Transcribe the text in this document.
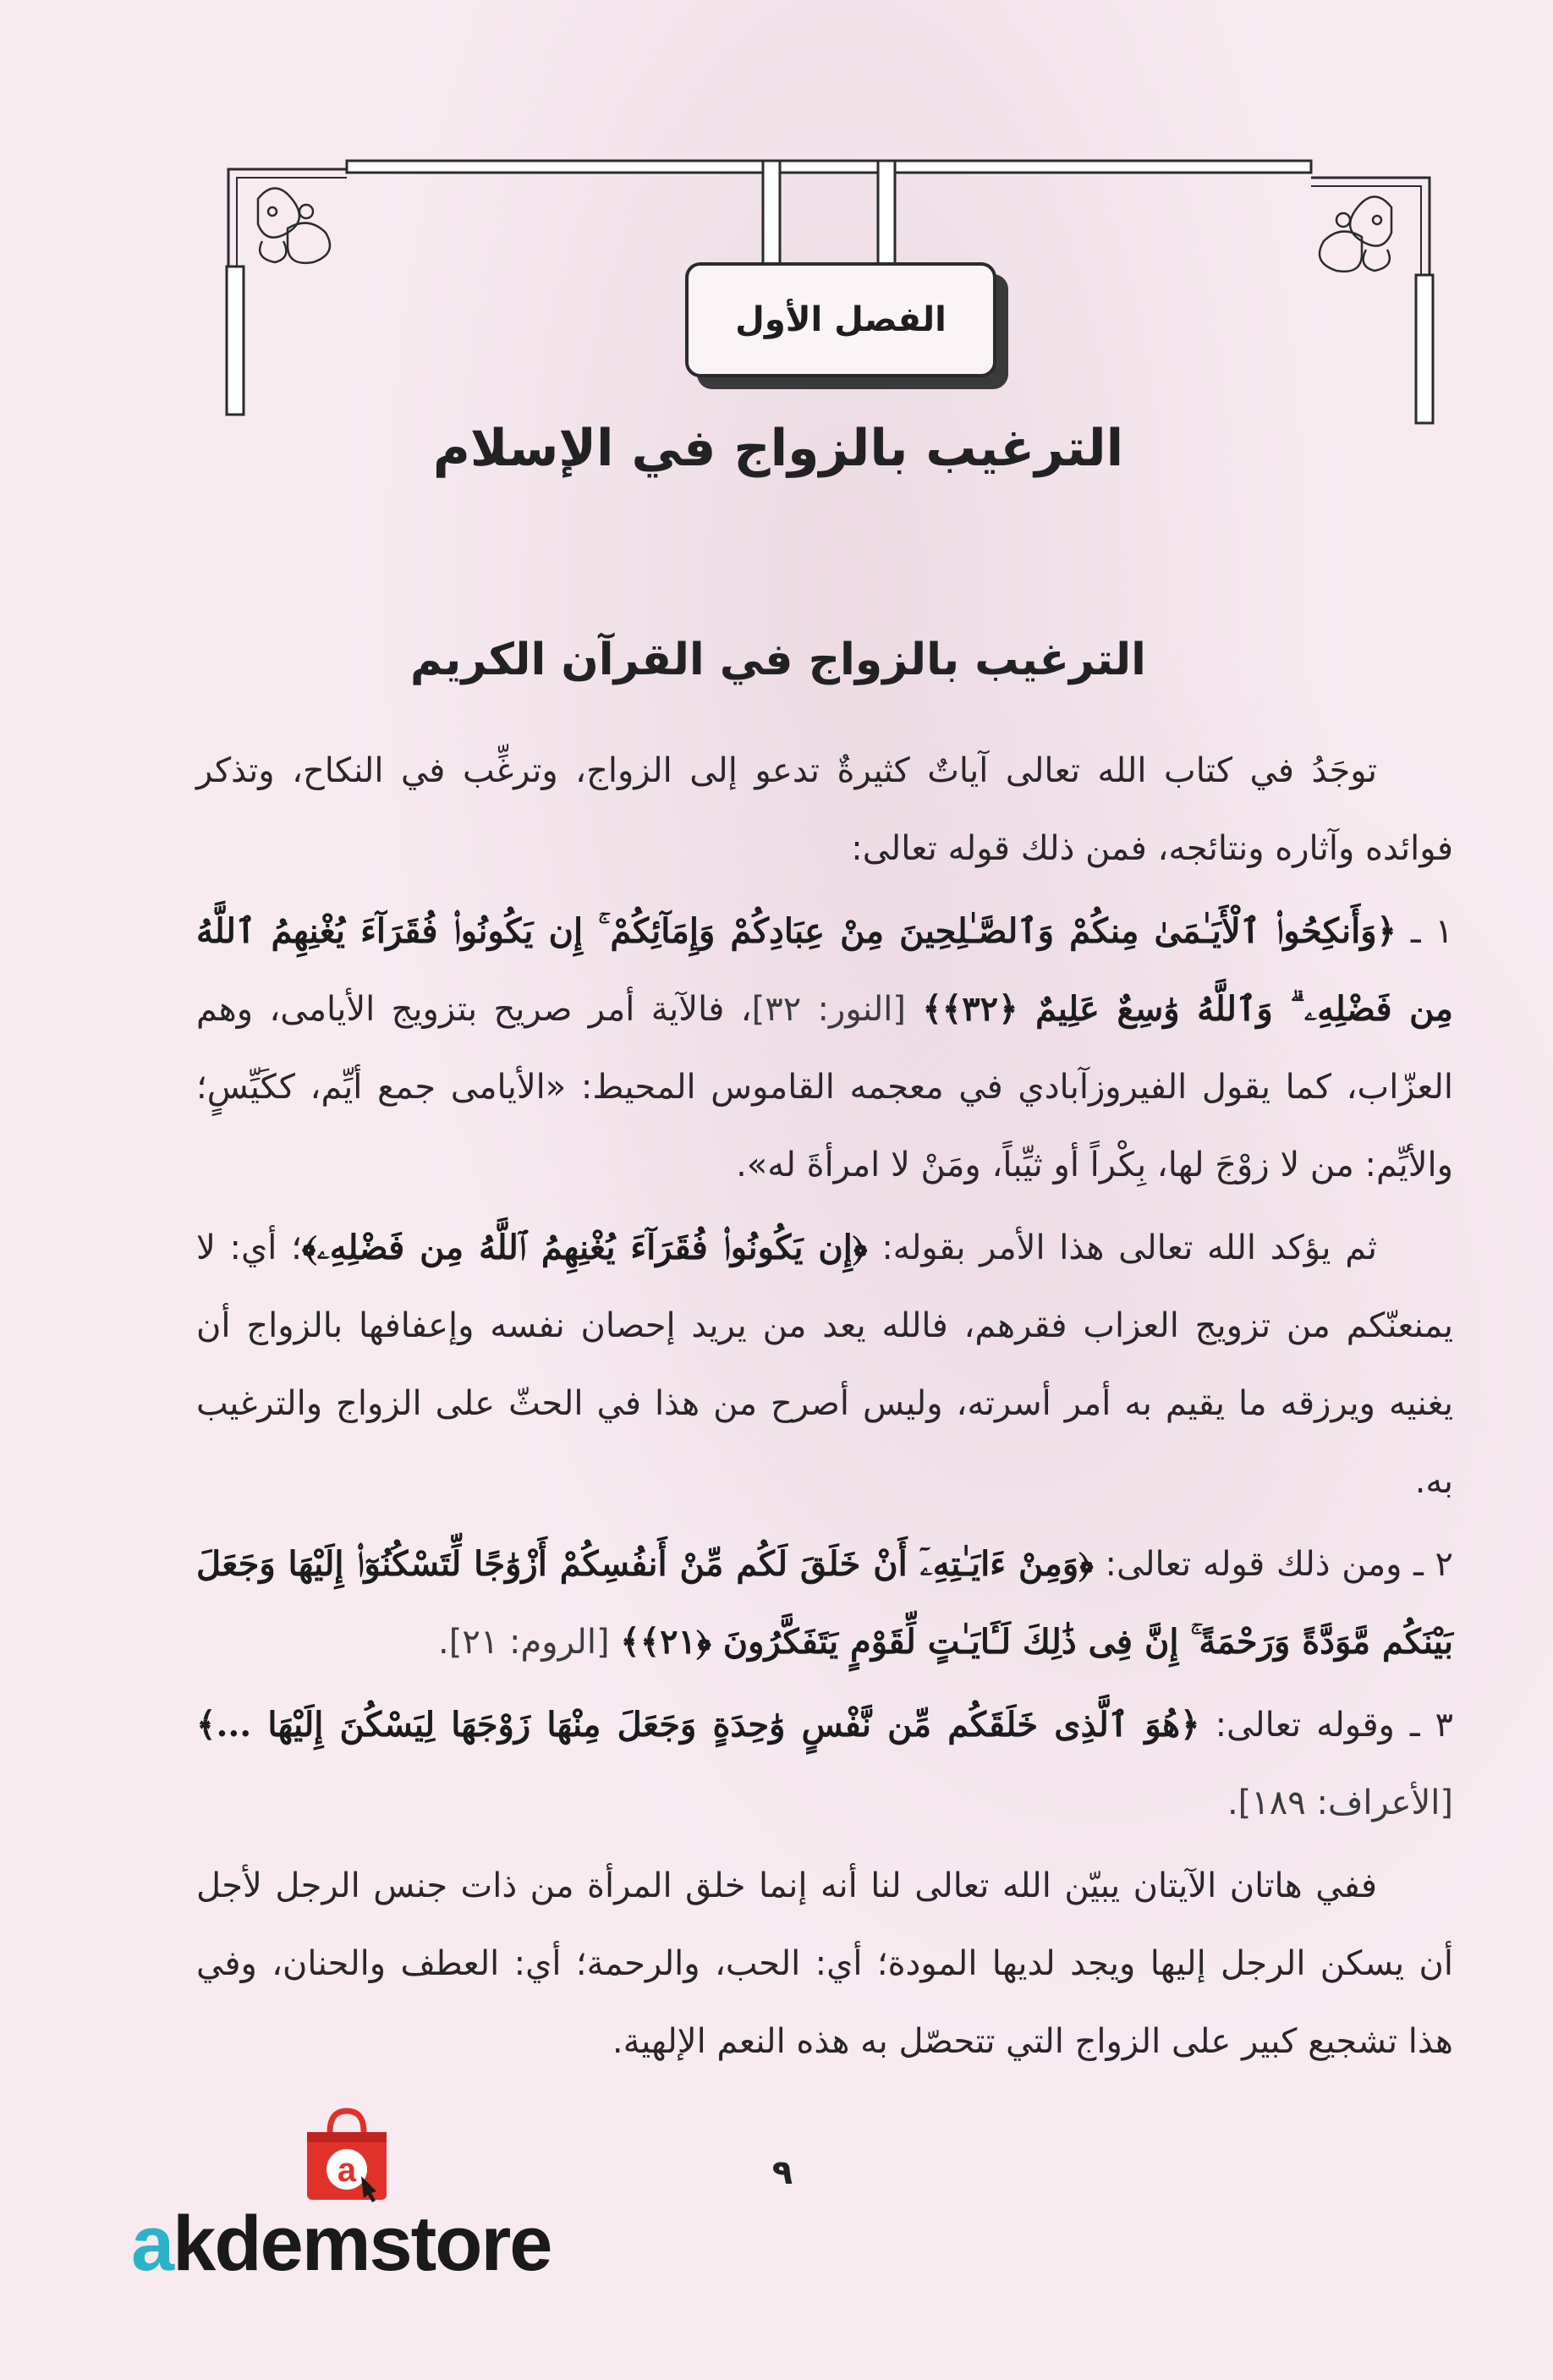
الفصل الأول
الترغيب بالزواج في الإسلام
الترغيب بالزواج في القرآن الكريم

توجَدُ في كتاب الله تعالى آياتٌ كثيرةٌ تدعو إلى الزواج، وترغِّب في النكاح، وتذكر فوائده وآثاره ونتائجه، فمن ذلك قوله تعالى:

١ ـ ﴿وَأَنكِحُوا۟ ٱلْأَيَـٰمَىٰ مِنكُمْ وَٱلصَّـٰلِحِينَ مِنْ عِبَادِكُمْ وَإِمَآئِكُمْ ۚ إِن يَكُونُوا۟ فُقَرَآءَ يُغْنِهِمُ ٱللَّهُ مِن فَضْلِهِۦ ۗ وَٱللَّهُ وَٰسِعٌ عَلِيمٌ ﴿٣٢﴾﴾ [النور: ٣٢]، فالآية أمر صريح بتزويج الأيامى، وهم العزّاب، كما يقول الفيروزآبادي في معجمه القاموس المحيط: «الأيامى جمع أيِّم، ككَيِّسٍ؛ والأيِّم: من لا زوْجَ لها، بِكْراً أو ثيِّباً، ومَنْ لا امرأةَ له».

ثم يؤكد الله تعالى هذا الأمر بقوله: ﴿إِن يَكُونُوا۟ فُقَرَآءَ يُغْنِهِمُ ٱللَّهُ مِن فَضْلِهِۦ﴾؛ أي: لا يمنعنّكم من تزويج العزاب فقرهم، فالله يعد من يريد إحصان نفسه وإعفافها بالزواج أن يغنيه ويرزقه ما يقيم به أمر أسرته، وليس أصرح من هذا في الحثّ على الزواج والترغيب به.

٢ ـ ومن ذلك قوله تعالى: ﴿وَمِنْ ءَايَـٰتِهِۦٓ أَنْ خَلَقَ لَكُم مِّنْ أَنفُسِكُمْ أَزْوَٰجًا لِّتَسْكُنُوٓا۟ إِلَيْهَا وَجَعَلَ بَيْنَكُم مَّوَدَّةً وَرَحْمَةً ۚ إِنَّ فِى ذَٰلِكَ لَـَٔايَـٰتٍ لِّقَوْمٍ يَتَفَكَّرُونَ ﴿٢١﴾﴾ [الروم: ٢١].

٣ ـ وقوله تعالى: ﴿هُوَ ٱلَّذِى خَلَقَكُم مِّن نَّفْسٍ وَٰحِدَةٍ وَجَعَلَ مِنْهَا زَوْجَهَا لِيَسْكُنَ إِلَيْهَا ...﴾ [الأعراف: ١٨٩].

ففي هاتان الآيتان يبيّن الله تعالى لنا أنه إنما خلق المرأة من ذات جنس الرجل لأجل أن يسكن الرجل إليها ويجد لديها المودة؛ أي: الحب، والرحمة؛ أي: العطف والحنان، وفي هذا تشجيع كبير على الزواج التي تتحصّل به هذه النعم الإلهية.

٩
a
akdemstore
